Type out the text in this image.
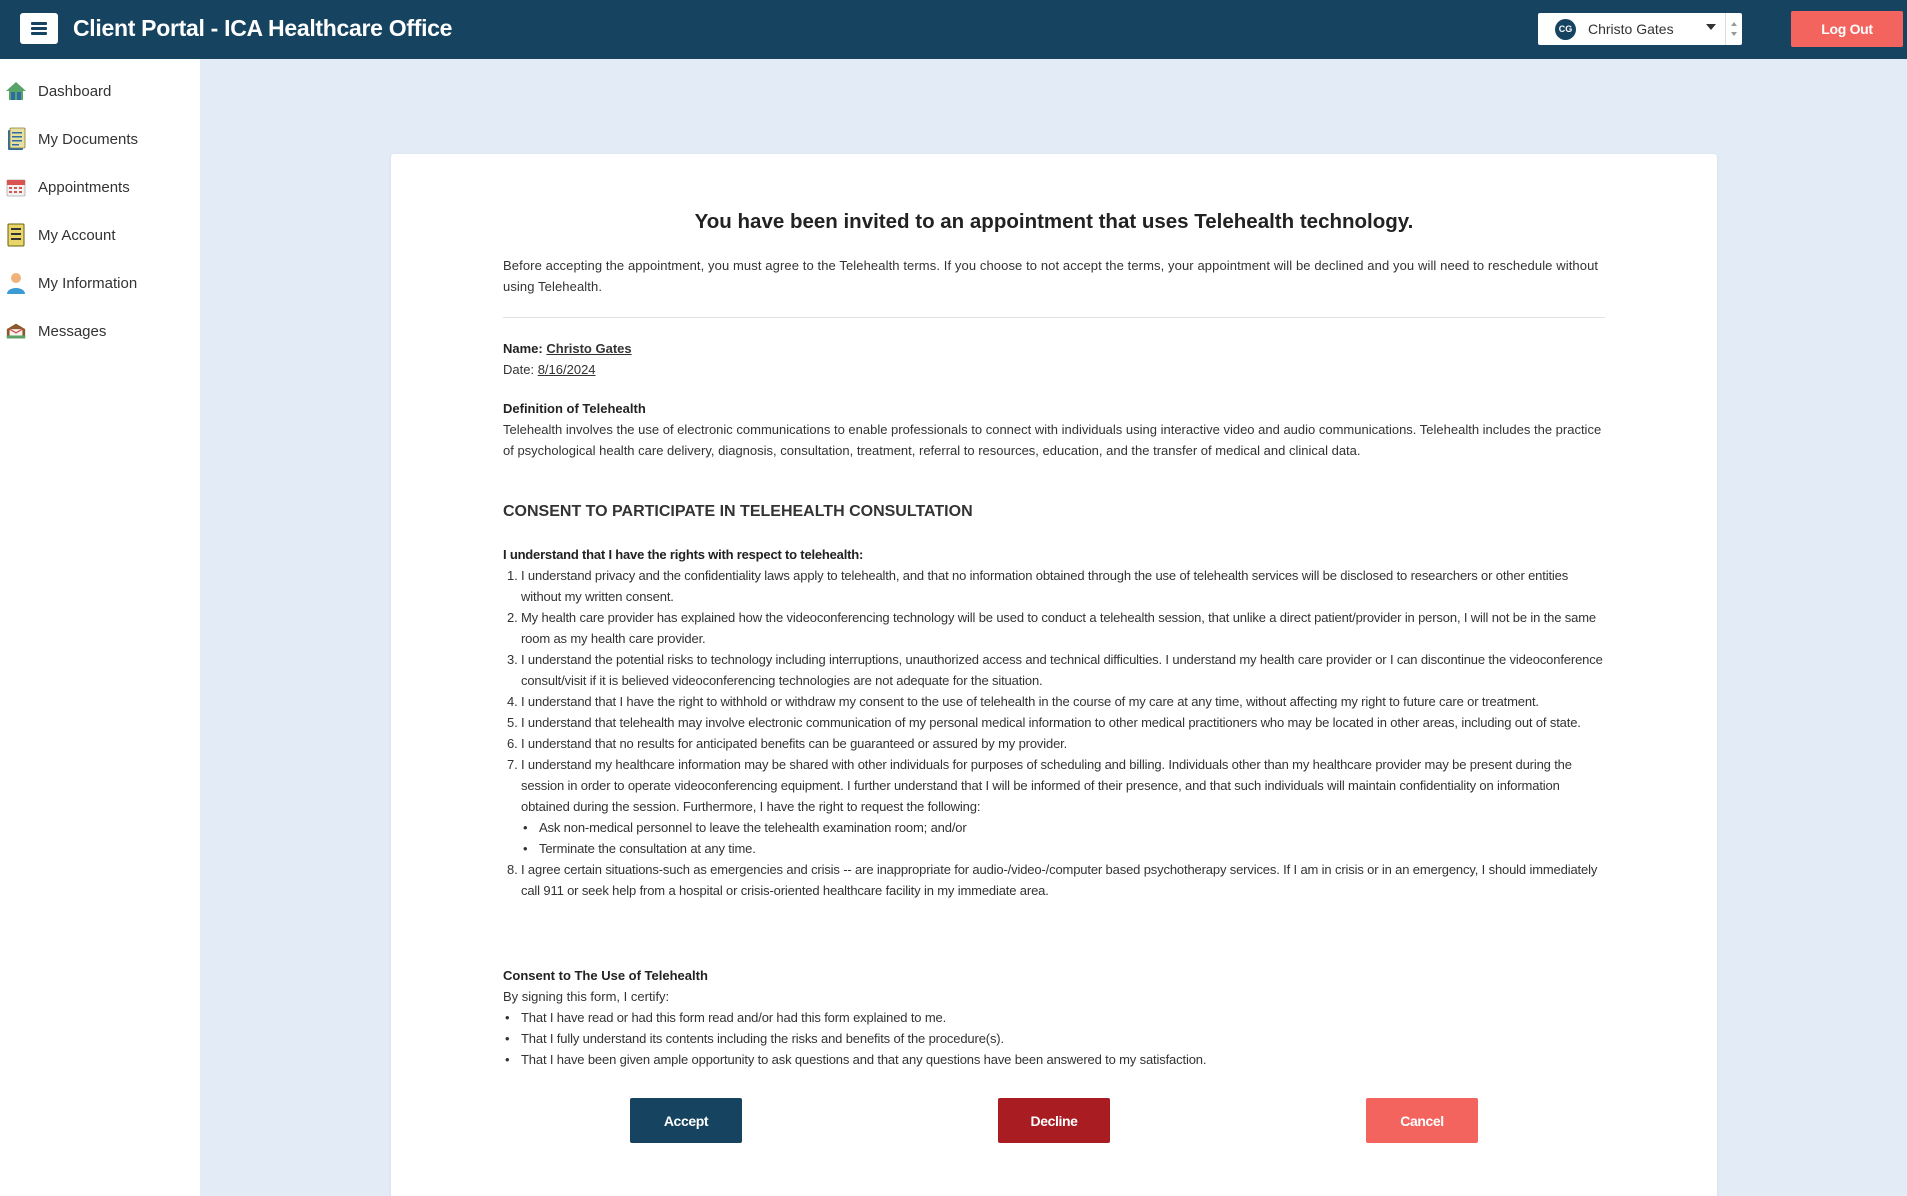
Client Portal - ICA Healthcare Office	CG Christo Gates	Log Out
Dashboard
My Documents
Appointments
My Account
My Information
Messages
You have been invited to an appointment that uses Telehealth technology.
Before accepting the appointment, you must agree to the Telehealth terms. If you choose to not accept the terms, your appointment will be declined and you will need to reschedule without using Telehealth.
Name: Christo Gates
Date: 8/16/2024
Definition of Telehealth
Telehealth involves the use of electronic communications to enable professionals to connect with individuals using interactive video and audio communications. Telehealth includes the practice of psychological health care delivery, diagnosis, consultation, treatment, referral to resources, education, and the transfer of medical and clinical data.
CONSENT TO PARTICIPATE IN TELEHEALTH CONSULTATION
I understand that I have the rights with respect to telehealth:
1. I understand privacy and the confidentiality laws apply to telehealth, and that no information obtained through the use of telehealth services will be disclosed to researchers or other entities without my written consent.
2. My health care provider has explained how the videoconferencing technology will be used to conduct a telehealth session, that unlike a direct patient/provider in person, I will not be in the same room as my health care provider.
3. I understand the potential risks to technology including interruptions, unauthorized access and technical difficulties. I understand my health care provider or I can discontinue the videoconference consult/visit if it is believed videoconferencing technologies are not adequate for the situation.
4. I understand that I have the right to withhold or withdraw my consent to the use of telehealth in the course of my care at any time, without affecting my right to future care or treatment.
5. I understand that telehealth may involve electronic communication of my personal medical information to other medical practitioners who may be located in other areas, including out of state.
6. I understand that no results for anticipated benefits can be guaranteed or assured by my provider.
7. I understand my healthcare information may be shared with other individuals for purposes of scheduling and billing. Individuals other than my healthcare provider may be present during the session in order to operate videoconferencing equipment. I further understand that I will be informed of their presence, and that such individuals will maintain confidentiality on information obtained during the session. Furthermore, I have the right to request the following:
• Ask non-medical personnel to leave the telehealth examination room; and/or
• Terminate the consultation at any time.
8. I agree certain situations-such as emergencies and crisis -- are inappropriate for audio-/video-/computer based psychotherapy services. If I am in crisis or in an emergency, I should immediately call 911 or seek help from a hospital or crisis-oriented healthcare facility in my immediate area.
Consent to The Use of Telehealth
By signing this form, I certify:
• That I have read or had this form read and/or had this form explained to me.
• That I fully understand its contents including the risks and benefits of the procedure(s).
• That I have been given ample opportunity to ask questions and that any questions have been answered to my satisfaction.
Accept	Decline	Cancel
